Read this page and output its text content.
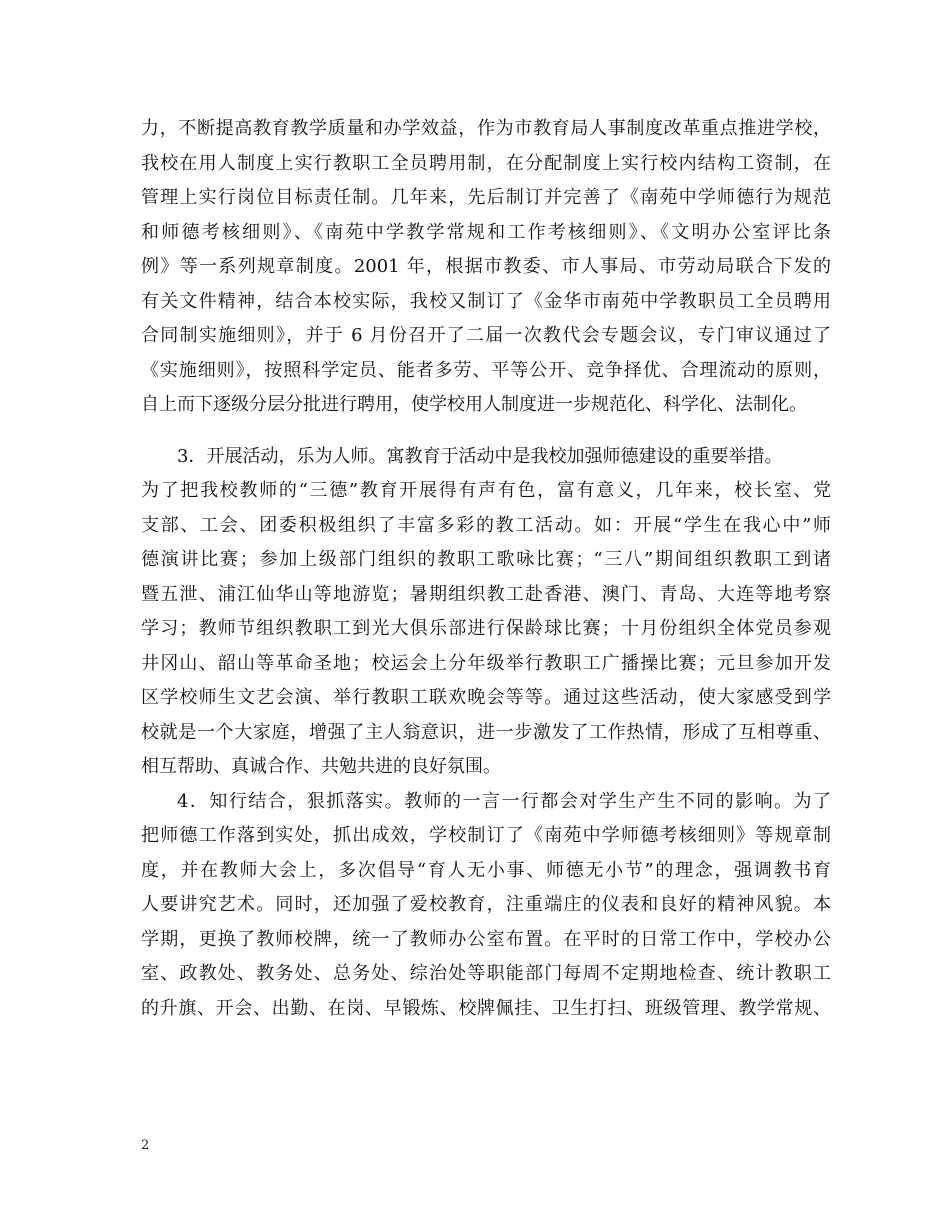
力，不断提高教育教学质量和办学效益，作为市教育局人事制度改革重点推进学校，
我校在用人制度上实行教职工全员聘用制，在分配制度上实行校内结构工资制，在
管理上实行岗位目标责任制。几年来，先后制订并完善了《南苑中学师德行为规范
和师德考核细则》、《南苑中学教学常规和工作考核细则》、《文明办公室评比条
例》等一系列规章制度。2001 年，根据市教委、市人事局、市劳动局联合下发的
有关文件精神，结合本校实际，我校又制订了《金华市南苑中学教职员工全员聘用
合同制实施细则》，并于 6 月份召开了二届一次教代会专题会议，专门审议通过了
《实施细则》，按照科学定员、能者多劳、平等公开、竞争择优、合理流动的原则，
自上而下逐级分层分批进行聘用，使学校用人制度进一步规范化、科学化、法制化。
3．开展活动，乐为人师。寓教育于活动中是我校加强师德建设的重要举措。
为了把我校教师的“三德”教育开展得有声有色，富有意义，几年来，校长室、党
支部、工会、团委积极组织了丰富多彩的教工活动。如：开展“学生在我心中”师
德演讲比赛；参加上级部门组织的教职工歌咏比赛；“三八”期间组织教职工到诸
暨五泄、浦江仙华山等地游览；暑期组织教工赴香港、澳门、青岛、大连等地考察
学习；教师节组织教职工到光大俱乐部进行保龄球比赛；十月份组织全体党员参观
井冈山、韶山等革命圣地；校运会上分年级举行教职工广播操比赛；元旦参加开发
区学校师生文艺会演、举行教职工联欢晚会等等。通过这些活动，使大家感受到学
校就是一个大家庭，增强了主人翁意识，进一步激发了工作热情，形成了互相尊重、
相互帮助、真诚合作、共勉共进的良好氛围。
4．知行结合，狠抓落实。教师的一言一行都会对学生产生不同的影响。为了
把师德工作落到实处，抓出成效，学校制订了《南苑中学师德考核细则》等规章制
度，并在教师大会上，多次倡导“育人无小事、师德无小节”的理念，强调教书育
人要讲究艺术。同时，还加强了爱校教育，注重端庄的仪表和良好的精神风貌。本
学期，更换了教师校牌，统一了教师办公室布置。在平时的日常工作中，学校办公
室、政教处、教务处、总务处、综治处等职能部门每周不定期地检查、统计教职工
的升旗、开会、出勤、在岗、早锻炼、校牌佩挂、卫生打扫、班级管理、教学常规、
2
